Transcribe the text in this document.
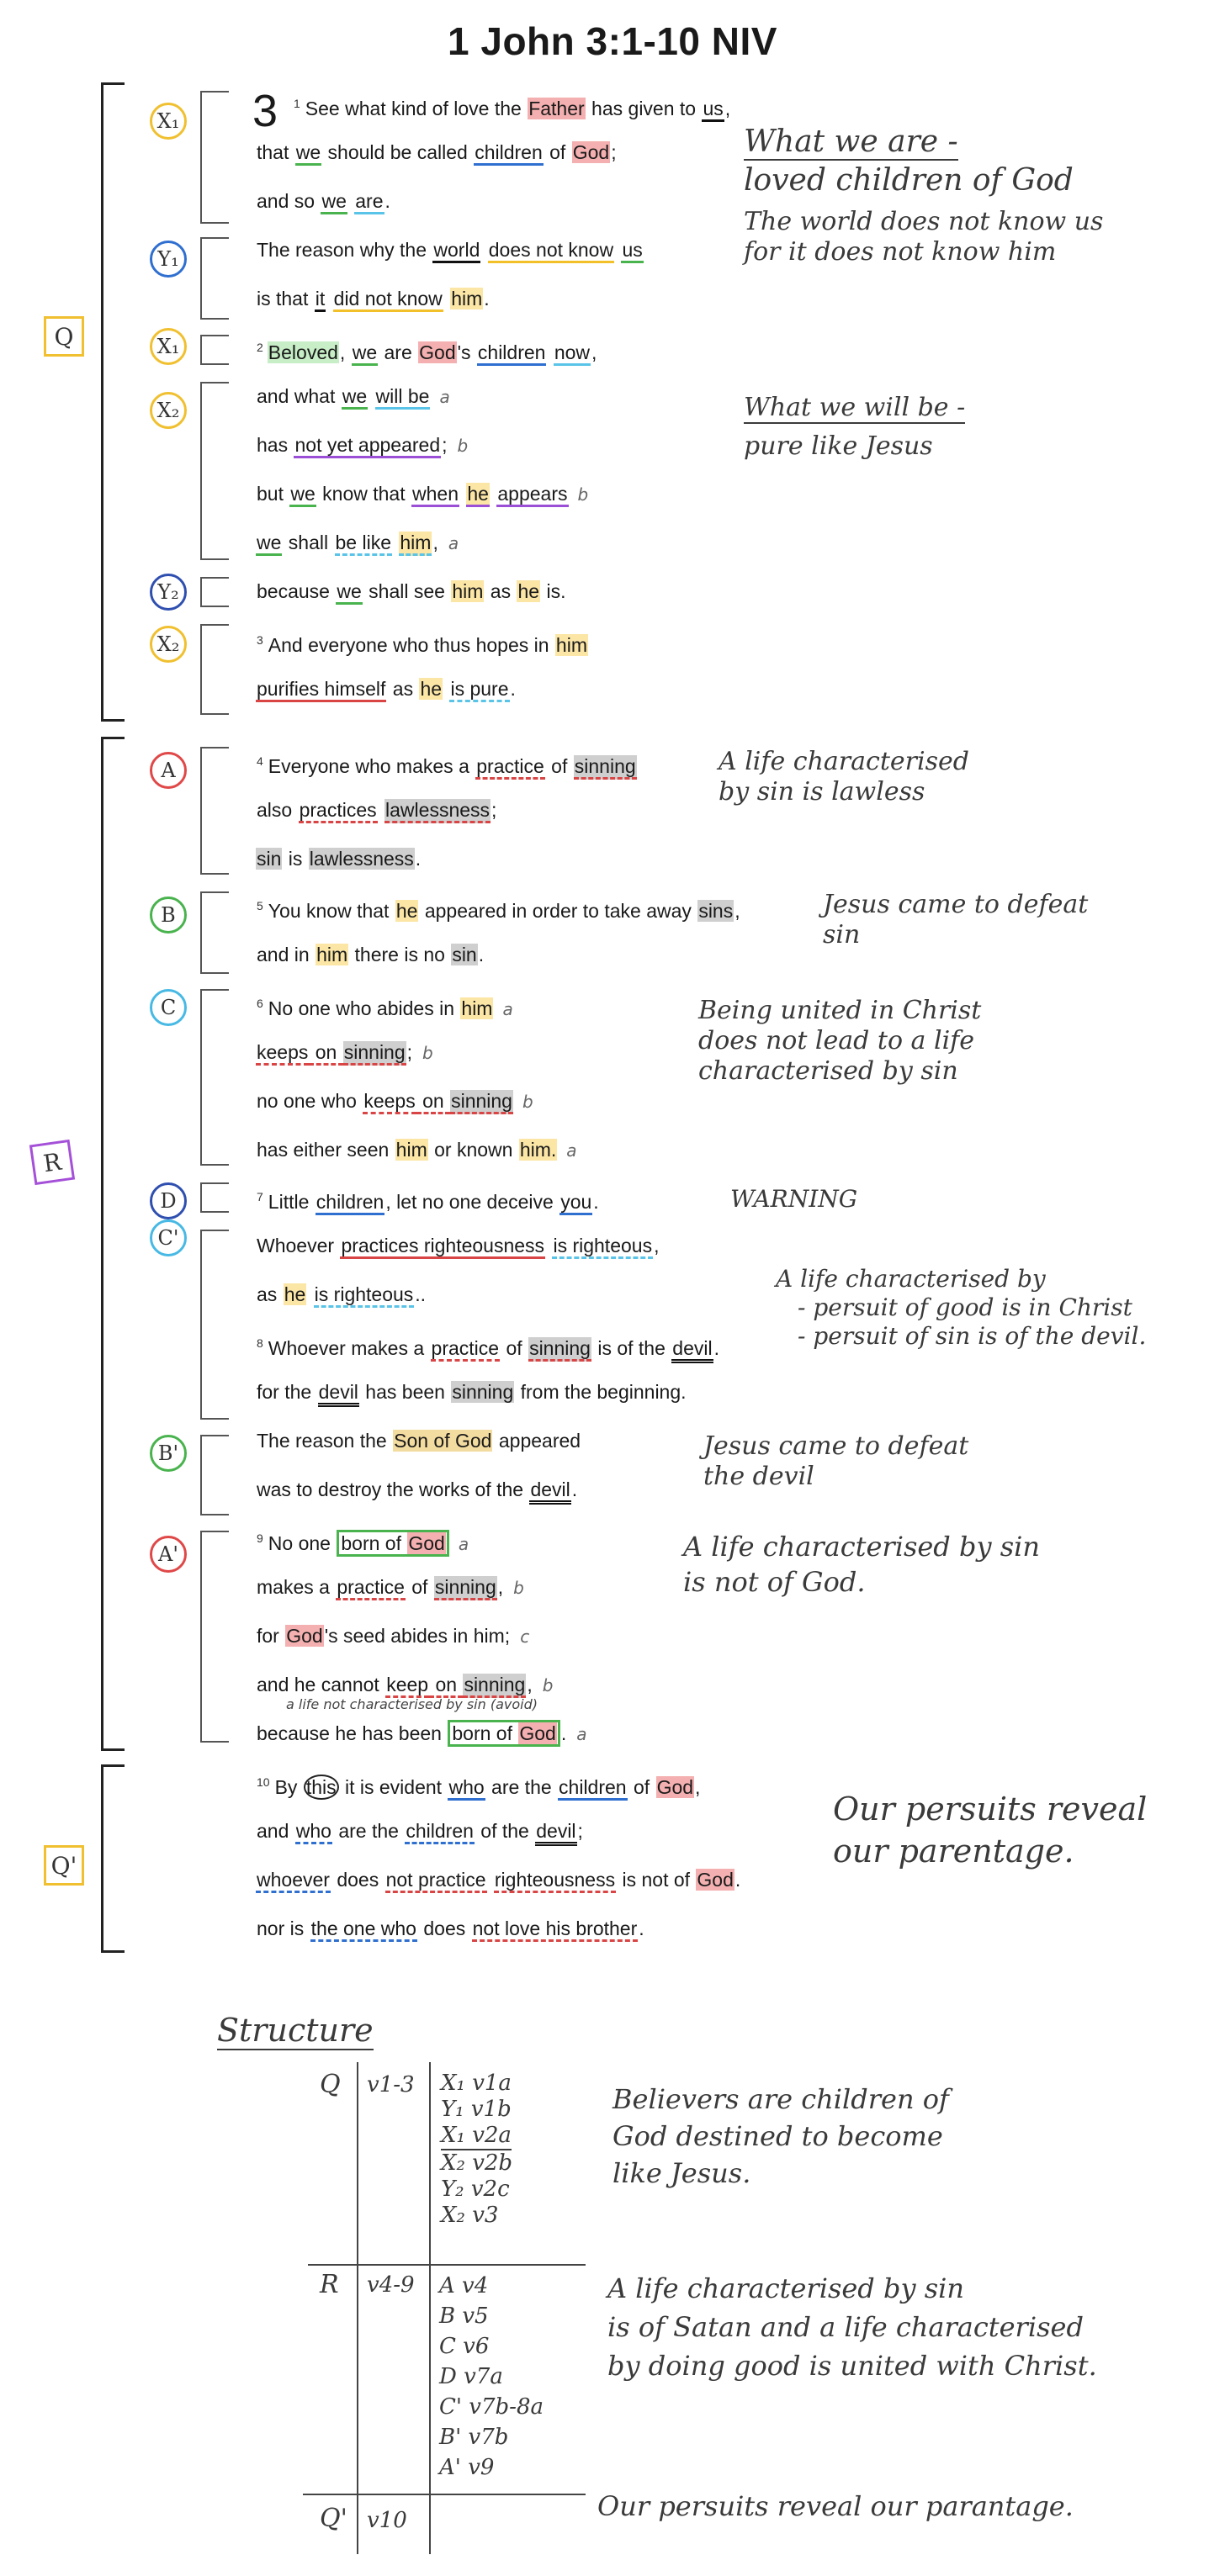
1 John 3:1-10 NIV
X₁
Y₁
X₁
X₂
Y₂
X₂
A
B
C
D
C'
B'
A'
Q
R
Q'
3 $^1$ See what kind of love the Father has given to us,
that we should be called children of God;
and so we are.
The reason why the world does not know us
is that it did not know him.
$^2$ Beloved, we are God's children now,
and what we will be a
has not yet appeared; b
but we know that when he appears b
we shall be like him, a
because we shall see him as he is.
$^3$ And everyone who thus hopes in him
purifies himself as he is pure.
$^4$ Everyone who makes a practice of sinning
also practices lawlessness;
sin is lawlessness.
$^5$ You know that he appeared in order to take away sins,
and in him there is no sin.
$^6$ No one who abides in him a
keeps on sinning; b
no one who keeps on sinning b
has either seen him or known him. a
$^7$ Little children, let no one deceive you.
Whoever practices righteousness is righteous,
as he is righteous..
$^8$ Whoever makes a practice of sinning is of the devil.
for the devil has been sinning from the beginning.
The reason the Son of God appeared
was to destroy the works of the devil.
$^9$ No one born of God a
makes a practice of sinning, b
for God's seed abides in him; c
and he cannot keep on sinning, b
a life not characterised by sin (avoid)
because he has been born of God . a
$^{10}$ By this it is evident who are the children of God,
and who are the children of the devil;
whoever does not practice righteousness is not of God.
nor is the one who does not love his brother.
What we are -
loved children of God
The world does not know us
for it does not know him
What we will be -
pure like Jesus
A life characterised
by sin is lawless
Jesus came to defeat
sin
Being united in Christ
does not lead to a life
characterised by sin
WARNING
A life characterised by
- persuit of good is in Christ
- persuit of sin is of the devil.
Jesus came to defeat
the devil
A life characterised by sin
is not of God.
Our persuits reveal
our parentage.
Structure
Q v1-3 X₁ v1a
Y₁ v1b
X₁ v2a
X₂ v2b
Y₂ v2c
X₂ v3
Believers are children of
God destined to become
like Jesus.
R v4-9 A v4
B v5
C v6
D v7a
C' v7b-8a
B' v7b
A' v9
A life characterised by sin
is of Satan and a life characterised
by doing good is united with Christ.
Q' v10	Our persuits reveal our parantage.
